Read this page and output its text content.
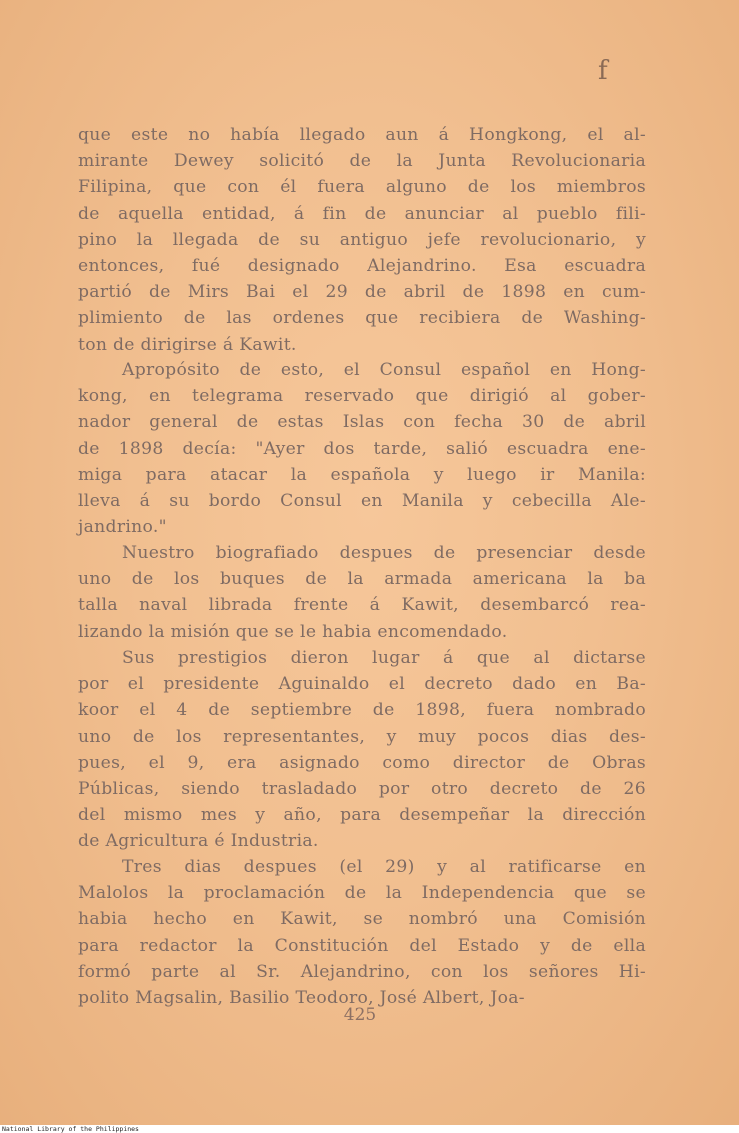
f
que este no había llegado aun á Hongkong, el al-
mirante Dewey solicitó de la Junta Revolucionaria
Filipina, que con él fuera alguno de los miembros
de aquella entidad, á fin de anunciar al pueblo fili-
pino la llegada de su antiguo jefe revolucionario, y
entonces, fué designado Alejandrino. Esa escuadra
partió de Mirs Bai el 29 de abril de 1898 en cum-
plimiento de las ordenes que recibiera de Washing-
ton de dirigirse á Kawit.
Apropósito de esto, el Consul español en Hong-
kong, en telegrama reservado que dirigió al gober-
nador general de estas Islas con fecha 30 de abril
de 1898 decía: "Ayer dos tarde, salió escuadra ene-
miga para atacar la española y luego ir Manila:
lleva á su bordo Consul en Manila y cebecilla Ale-
jandrino."
Nuestro biografiado despues de presenciar desde
uno de los buques de la armada americana la ba
talla naval librada frente á Kawit, desembarcó rea-
lizando la misión que se le habia encomendado.
Sus prestigios dieron lugar á que al dictarse
por el presidente Aguinaldo el decreto dado en Ba-
koor el 4 de septiembre de 1898, fuera nombrado
uno de los representantes, y muy pocos dias des-
pues, el 9, era asignado como director de Obras
Públicas, siendo trasladado por otro decreto de 26
del mismo mes y año, para desempeñar la dirección
de Agricultura é Industria.
Tres dias despues (el 29) y al ratificarse en
Malolos la proclamación de la Independencia que se
habia hecho en Kawit, se nombró una Comisión
para redactor la Constitución del Estado y de ella
formó parte al Sr. Alejandrino, con los señores Hi-
polito Magsalin, Basilio Teodoro, José Albert, Joa-
425
National Library of the Philippines
